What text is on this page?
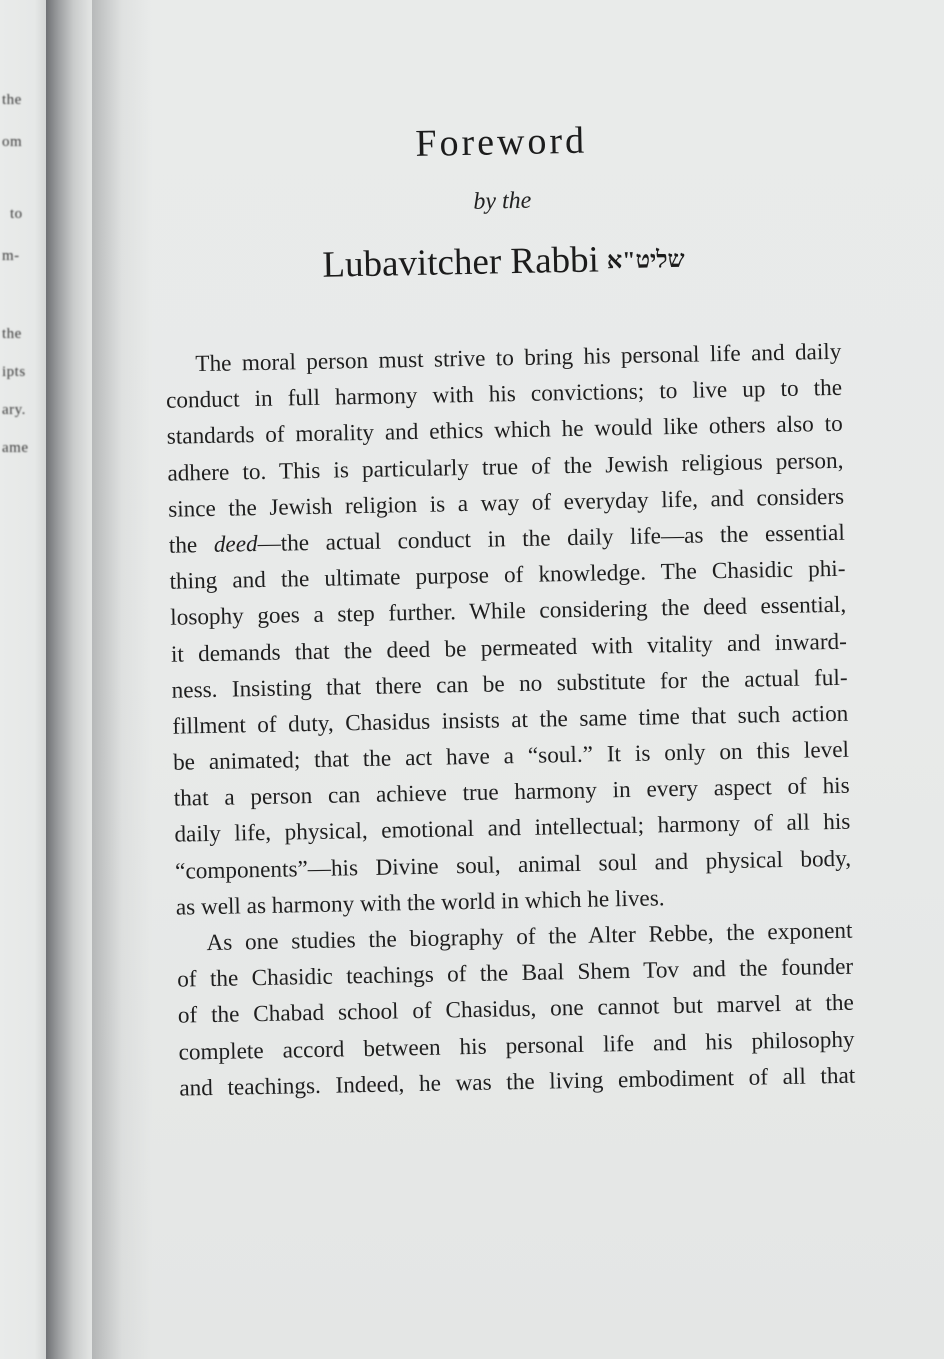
the
om
to
m-
the
ipts
ary.
ame
Foreword
by the
Lubavitcher Rabbi שליט"א
The moral person must strive to bring his personal life and daily
conduct in full harmony with his convictions; to live up to the
standards of morality and ethics which he would like others also to
adhere to. This is particularly true of the Jewish religious person,
since the Jewish religion is a way of everyday life, and considers
the deed—the actual conduct in the daily life—as the essential
thing and the ultimate purpose of knowledge. The Chasidic phi-
losophy goes a step further. While considering the deed essential,
it demands that the deed be permeated with vitality and inward-
ness. Insisting that there can be no substitute for the actual ful-
fillment of duty, Chasidus insists at the same time that such action
be animated; that the act have a “soul.” It is only on this level
that a person can achieve true harmony in every aspect of his
daily life, physical, emotional and intellectual; harmony of all his
“components”—his Divine soul, animal soul and physical body,
as well as harmony with the world in which he lives.
As one studies the biography of the Alter Rebbe, the exponent
of the Chasidic teachings of the Baal Shem Tov and the founder
of the Chabad school of Chasidus, one cannot but marvel at the
complete accord between his personal life and his philosophy
and teachings. Indeed, he was the living embodiment of all that
